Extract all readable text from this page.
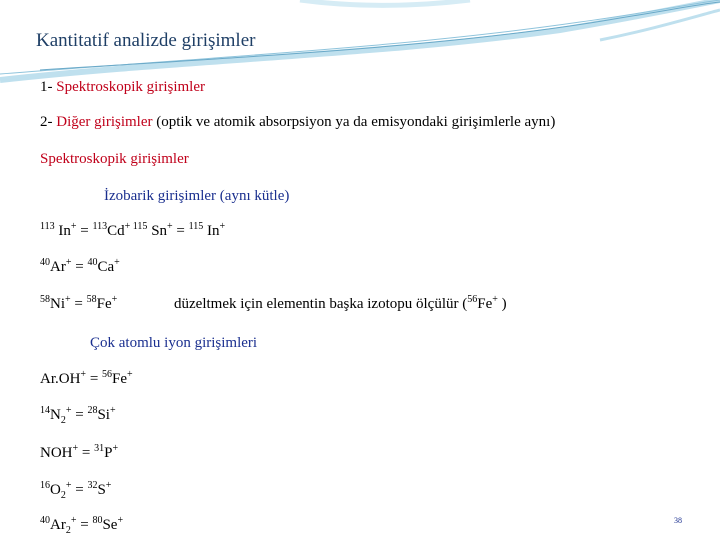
Kantitatif analizde girişimler
1- Spektroskopik girişimler
2- Diğer girişimler (optik ve atomik absorpsiyon ya da emisyondaki girişimlerle aynı)
Spektroskopik girişimler
İzobarik girişimler (aynı kütle)
$^{113}$ In+ = $^{113}$Cd+ $^{115}$ Sn+ = $^{115}$ In+
$^{40}$Ar+ = $^{40}$Ca+
$^{58}$Ni+ = $^{58}$Fe+	düzeltmek için elementin başka izotopu ölçülür ($^{56}$Fe+ )
Çok atomlu iyon girişimleri
Ar.OH+ = $^{56}$Fe+
$^{14}N_2^+ = ^{28}Si^+$
NOH+ = $^{31}$P+
$^{16}O_2^+ = ^{32}S^+$
$^{40}Ar_2^+ = ^{80}Se^+$	38
